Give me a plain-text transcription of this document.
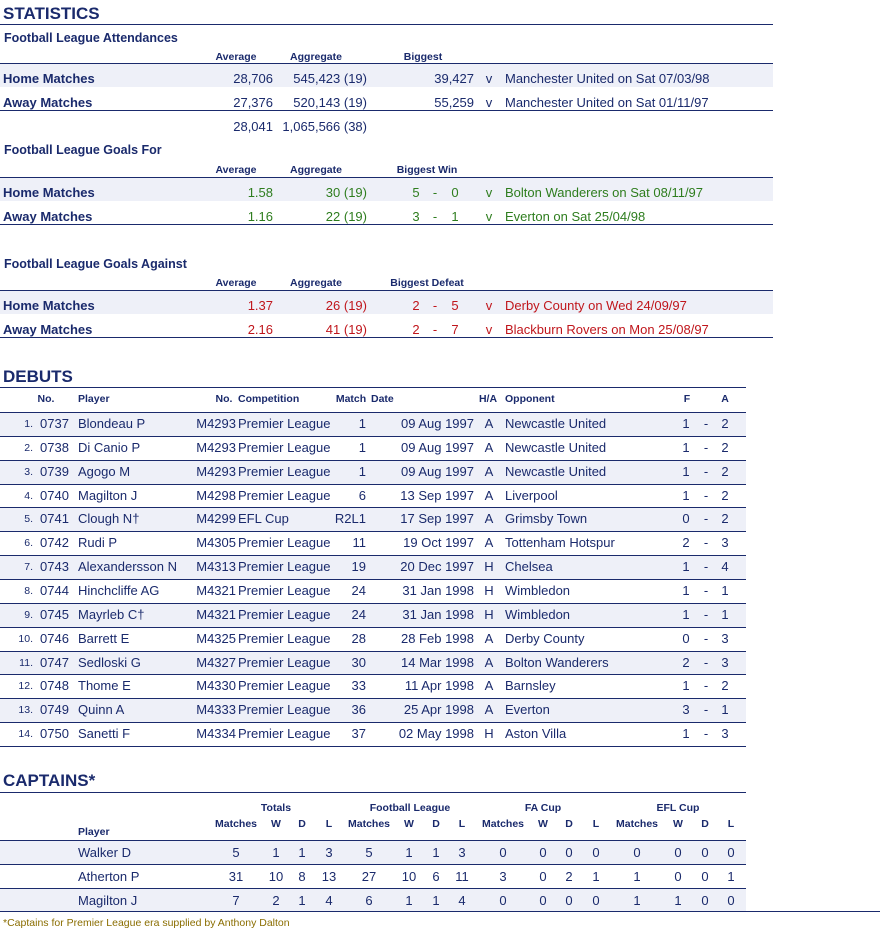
STATISTICS
Football League Attendances
Average	Aggregate	Biggest
Home Matches	28,706	545,423 (19)	39,427 v Manchester United on Sat 07/03/98
Away Matches	27,376	520,143 (19)	55,259 v Manchester United on Sat 01/11/97
28,041 1,065,566 (38)
Football League Goals For
Average	Aggregate	Biggest Win
Home Matches	1.58	30 (19)	5	-	0	v Bolton Wanderers on Sat 08/11/97
Away Matches	1.16	22 (19)	3	-	1	v Everton on Sat 25/04/98
Football League Goals Against
Average	Aggregate	Biggest Defeat
Home Matches	1.37	26 (19)	2	-	5	v Derby County on Wed 24/09/97
Away Matches	2.16	41 (19)	2	-	7	v Blackburn Rovers on Mon 25/08/97
DEBUTS
No.	Player	No. Competition	Match Date	H/A Opponent	F	A
1. 0737 Blondeau P	M4293 Premier League	1	09 Aug 1997 A Newcastle United	1	-	2
2. 0738 Di Canio P	M4293 Premier League	1	09 Aug 1997 A Newcastle United	1	-	2
3. 0739 Agogo M	M4293 Premier League	1	09 Aug 1997 A Newcastle United	1	-	2
4. 0740 Magilton J	M4298 Premier League	6	13 Sep 1997 A Liverpool	1	-	2
5. 0741 Clough N†	M4299 EFL Cup	R2L1	17 Sep 1997 A Grimsby Town	0	-	2
6. 0742 Rudi P	M4305 Premier League	11	19 Oct 1997 A Tottenham Hotspur	2	-	3
7. 0743 Alexandersson N	M4313 Premier League	19	20 Dec 1997 H Chelsea	1	-	4
8. 0744 Hinchcliffe AG	M4321 Premier League	24	31 Jan 1998 H Wimbledon	1	-	1
9. 0745 Mayrleb C†	M4321 Premier League	24	31 Jan 1998 H Wimbledon	1	-	1
10. 0746 Barrett E	M4325 Premier League	28	28 Feb 1998 A Derby County	0	-	3
11. 0747 Sedloski G	M4327 Premier League	30	14 Mar 1998 A Bolton Wanderers	2	-	3
12. 0748 Thome E	M4330 Premier League	33	11 Apr 1998 A Barnsley	1	-	2
13. 0749 Quinn A	M4333 Premier League	36	25 Apr 1998 A Everton	3	-	1
14. 0750 Sanetti F	M4334 Premier League	37	02 May 1998 H Aston Villa	1	-	3
CAPTAINS*
Totals	Football League	FA Cup	EFL Cup
Matches	W	D	L	Matches	W	D	L	Matches	W	D	L	Matches	W	D	L
Player
Walker D	5	1	1	3	5	1	1	3	0	0	0	0	0	0	0	0
Atherton P	31	10	8	13	27	10	6	11	3	0	2	1	1	0	0	1
Magilton J	7	2	1	4	6	1	1	4	0	0	0	0	1	1	0	0
*Captains for Premier League era supplied by Anthony Dalton
